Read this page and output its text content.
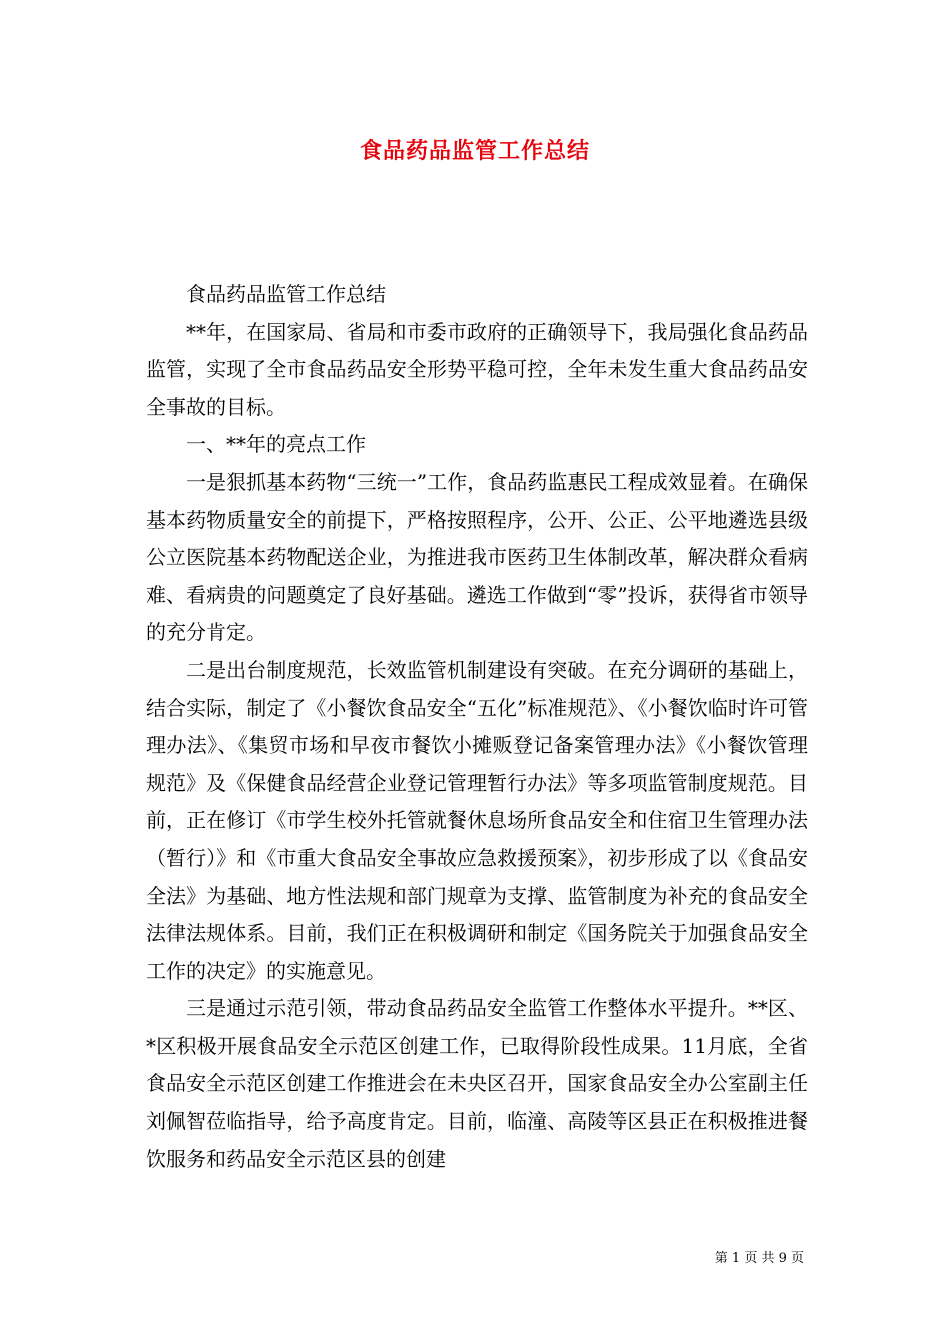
食品药品监管工作总结

食品药品监管工作总结

**年，在国家局、省局和市委市政府的正确领导下，我局强化食品药品监管，实现了全市食品药品安全形势平稳可控，全年未发生重大食品药品安全事故的目标。

一、**年的亮点工作

一是狠抓基本药物“三统一”工作，食品药监惠民工程成效显着。在确保基本药物质量安全的前提下，严格按照程序，公开、公正、公平地遴选县级公立医院基本药物配送企业，为推进我市医药卫生体制改革，解决群众看病难、看病贵的问题奠定了良好基础。遴选工作做到“零”投诉，获得省市领导的充分肯定。

二是出台制度规范，长效监管机制建设有突破。在充分调研的基础上，结合实际，制定了《小餐饮食品安全“五化”标准规范》、《小餐饮临时许可管理办法》、《集贸市场和早夜市餐饮小摊贩登记备案管理办法》《小餐饮管理规范》及《保健食品经营企业登记管理暂行办法》等多项监管制度规范。目前，正在修订《市学生校外托管就餐休息场所食品安全和住宿卫生管理办法（暂行）》和《市重大食品安全事故应急救援预案》，初步形成了以《食品安全法》为基础、地方性法规和部门规章为支撑、监管制度为补充的食品安全法律法规体系。目前，我们正在积极调研和制定《国务院关于加强食品安全工作的决定》的实施意见。

三是通过示范引领，带动食品药品安全监管工作整体水平提升。**区、*区积极开展食品安全示范区创建工作，已取得阶段性成果。11月底，全省食品安全示范区创建工作推进会在未央区召开，国家食品安全办公室副主任刘佩智莅临指导，给予高度肯定。目前，临潼、高陵等区县正在积极推进餐饮服务和药品安全示范区县的创建

第 1 页 共 9 页
